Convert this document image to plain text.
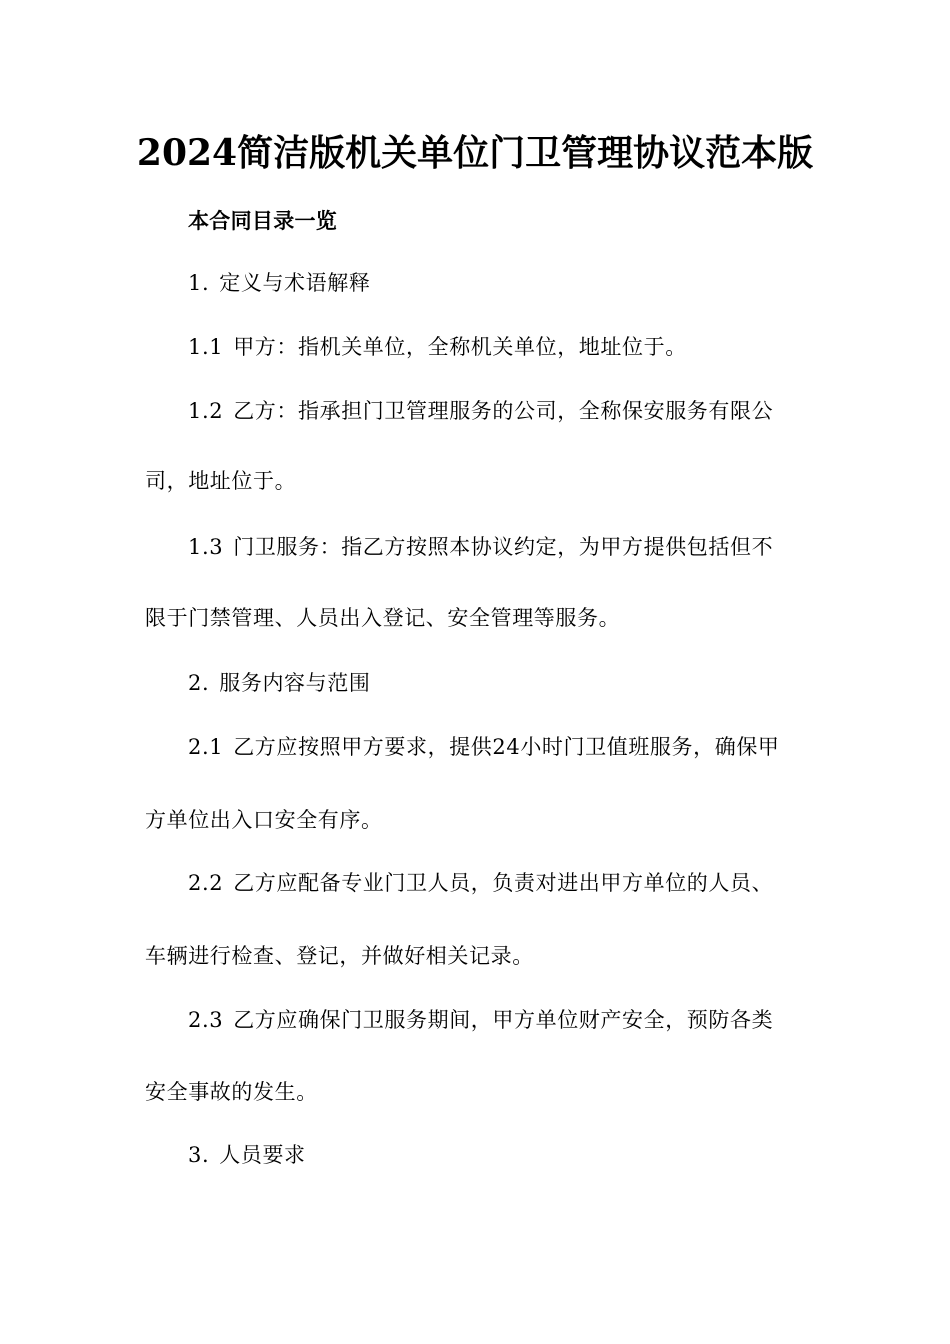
2024简洁版机关单位门卫管理协议范本版
本合同目录一览
1. 定义与术语解释
1.1 甲方：指机关单位，全称机关单位，地址位于。
1.2 乙方：指承担门卫管理服务的公司，全称保安服务有限公
司，地址位于。
1.3 门卫服务：指乙方按照本协议约定，为甲方提供包括但不
限于门禁管理、人员出入登记、安全管理等服务。
2. 服务内容与范围
2.1 乙方应按照甲方要求，提供24小时门卫值班服务，确保甲
方单位出入口安全有序。
2.2 乙方应配备专业门卫人员，负责对进出甲方单位的人员、
车辆进行检查、登记，并做好相关记录。
2.3 乙方应确保门卫服务期间，甲方单位财产安全，预防各类
安全事故的发生。
3. 人员要求
